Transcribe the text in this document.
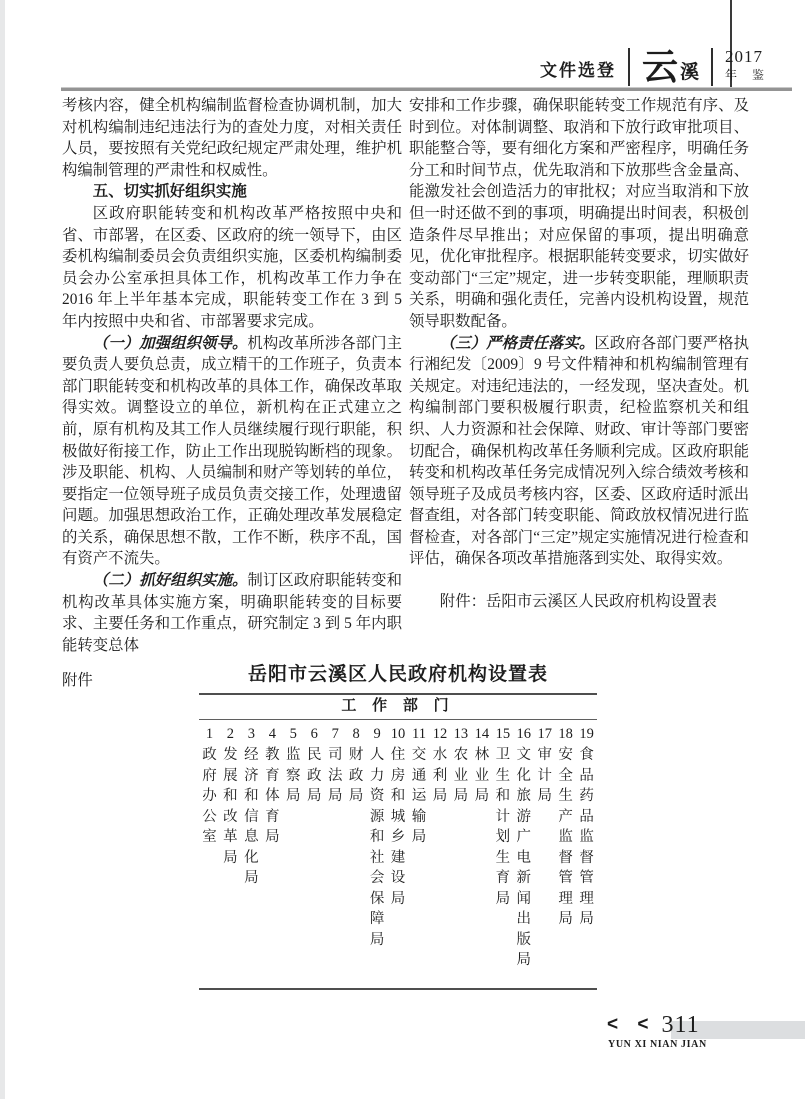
文件选登 云 溪
2017
年 鉴

考核内容，健全机构编制监督检查协调机制，加大对机构编制违纪违法行为的查处力度，对相关责任人员，要按照有关党纪政纪规定严肃处理，维护机构编制管理的严肃性和权威性。

五、切实抓好组织实施

区政府职能转变和机构改革严格按照中央和省、市部署，在区委、区政府的统一领导下，由区委机构编制委员会负责组织实施，区委机构编制委员会办公室承担具体工作，机构改革工作力争在 2016 年上半年基本完成，职能转变工作在 3 到 5 年内按照中央和省、市部署要求完成。

（一）加强组织领导。机构改革所涉各部门主要负责人要负总责，成立精干的工作班子，负责本部门职能转变和机构改革的具体工作，确保改革取得实效。调整设立的单位，新机构在正式建立之前，原有机构及其工作人员继续履行现行职能，积极做好衔接工作，防止工作出现脱钩断档的现象。涉及职能、机构、人员编制和财产等划转的单位，要指定一位领导班子成员负责交接工作，处理遗留问题。加强思想政治工作，正确处理改革发展稳定的关系，确保思想不散，工作不断，秩序不乱，国有资产不流失。

（二）抓好组织实施。制订区政府职能转变和机构改革具体实施方案，明确职能转变的目标要求、主要任务和工作重点，研究制定 3 到 5 年内职能转变总体

附件

安排和工作步骤，确保职能转变工作规范有序、及时到位。对体制调整、取消和下放行政审批项目、职能整合等，要有细化方案和严密程序，明确任务分工和时间节点，优先取消和下放那些含金量高、能激发社会创造活力的审批权；对应当取消和下放但一时还做不到的事项，明确提出时间表，积极创造条件尽早推出；对应保留的事项，提出明确意见，优化审批程序。根据职能转变要求，切实做好变动部门“三定”规定，进一步转变职能，理顺职责关系，明确和强化责任，完善内设机构设置，规范领导职数配备。

（三）严格责任落实。区政府各部门要严格执行湘纪发〔2009〕9 号文件精神和机构编制管理有关规定。对违纪违法的，一经发现，坚决查处。机构编制部门要积极履行职责，纪检监察机关和组织、人力资源和社会保障、财政、审计等部门要密切配合，确保机构改革任务顺利完成。区政府职能转变和机构改革任务完成情况列入综合绩效考核和领导班子及成员考核内容，区委、区政府适时派出督查组，对各部门转变职能、简政放权情况进行监督检查，对各部门“三定”规定实施情况进行检查和评估，确保各项改革措施落到实处、取得实效。

附件：岳阳市云溪区人民政府机构设置表

岳阳市云溪区人民政府机构设置表

工 作 部 门
1
政
府
办
公
室
2
发
展
和
改
革
局
3
经
济
和
信
息
化
局
4
教
育
体
育
局
5
监
察
局
6
民
政
局
7
司
法
局
8
财
政
局
9
人
力
资
源
和
社
会
保
障
局
10
住
房
和
城
乡
建
设
局
11
交
通
运
输
局
12
水
利
局
13
农
业
局
14
林
业
局
15
卫
生
和
计
划
生
育
局
16
文
化
旅
游
广
电
新
闻
出
版
局
17
审
计
局
18
安
全
生
产
监
督
管
理
局
19
食
品
药
品
监
督
管
理
局
< < 311
YUN XI NIAN JIAN
